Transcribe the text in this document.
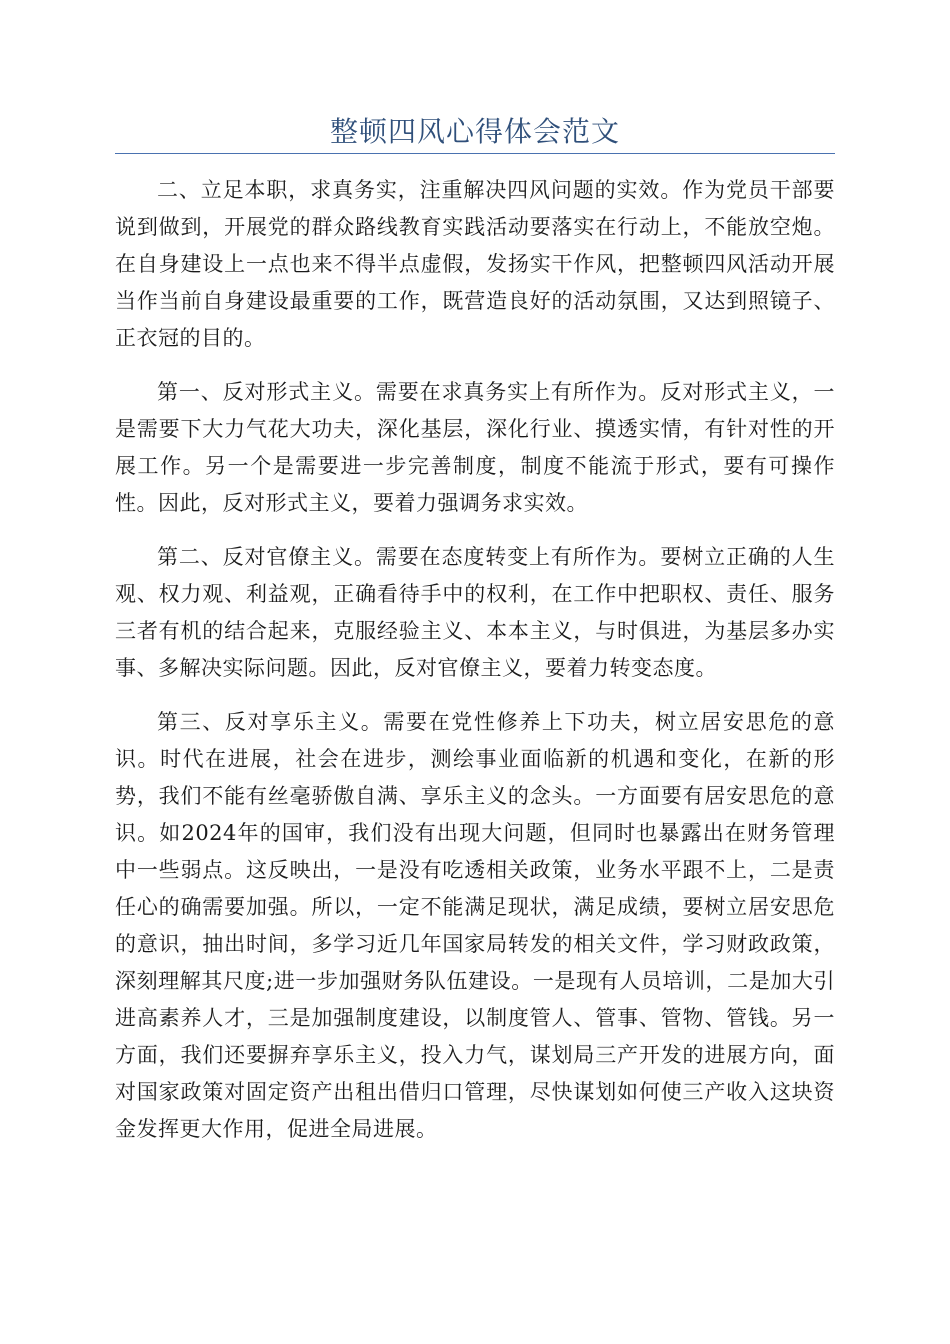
整顿四风心得体会范文

二、立足本职，求真务实，注重解决四风问题的实效。作为党员干部要说到做到，开展党的群众路线教育实践活动要落实在行动上，不能放空炮。在自身建设上一点也来不得半点虚假，发扬实干作风，把整顿四风活动开展当作当前自身建设最重要的工作，既营造良好的活动氛围，又达到照镜子、正衣冠的目的。

第一、反对形式主义。需要在求真务实上有所作为。反对形式主义，一是需要下大力气花大功夫，深化基层，深化行业、摸透实情，有针对性的开展工作。另一个是需要进一步完善制度，制度不能流于形式，要有可操作性。因此，反对形式主义，要着力强调务求实效。

第二、反对官僚主义。需要在态度转变上有所作为。要树立正确的人生观、权力观、利益观，正确看待手中的权利，在工作中把职权、责任、服务三者有机的结合起来，克服经验主义、本本主义，与时俱进，为基层多办实事、多解决实际问题。因此，反对官僚主义，要着力转变态度。

第三、反对享乐主义。需要在党性修养上下功夫，树立居安思危的意识。时代在进展，社会在进步，测绘事业面临新的机遇和变化，在新的形势，我们不能有丝毫骄傲自满、享乐主义的念头。一方面要有居安思危的意识。如2024年的国审，我们没有出现大问题，但同时也暴露出在财务管理中一些弱点。这反映出，一是没有吃透相关政策，业务水平跟不上，二是责任心的确需要加强。所以，一定不能满足现状，满足成绩，要树立居安思危的意识，抽出时间，多学习近几年国家局转发的相关文件，学习财政政策，深刻理解其尺度;进一步加强财务队伍建设。一是现有人员培训，二是加大引进高素养人才，三是加强制度建设，以制度管人、管事、管物、管钱。另一方面，我们还要摒弃享乐主义，投入力气，谋划局三产开发的进展方向，面对国家政策对固定资产出租出借归口管理，尽快谋划如何使三产收入这块资金发挥更大作用，促进全局进展。
